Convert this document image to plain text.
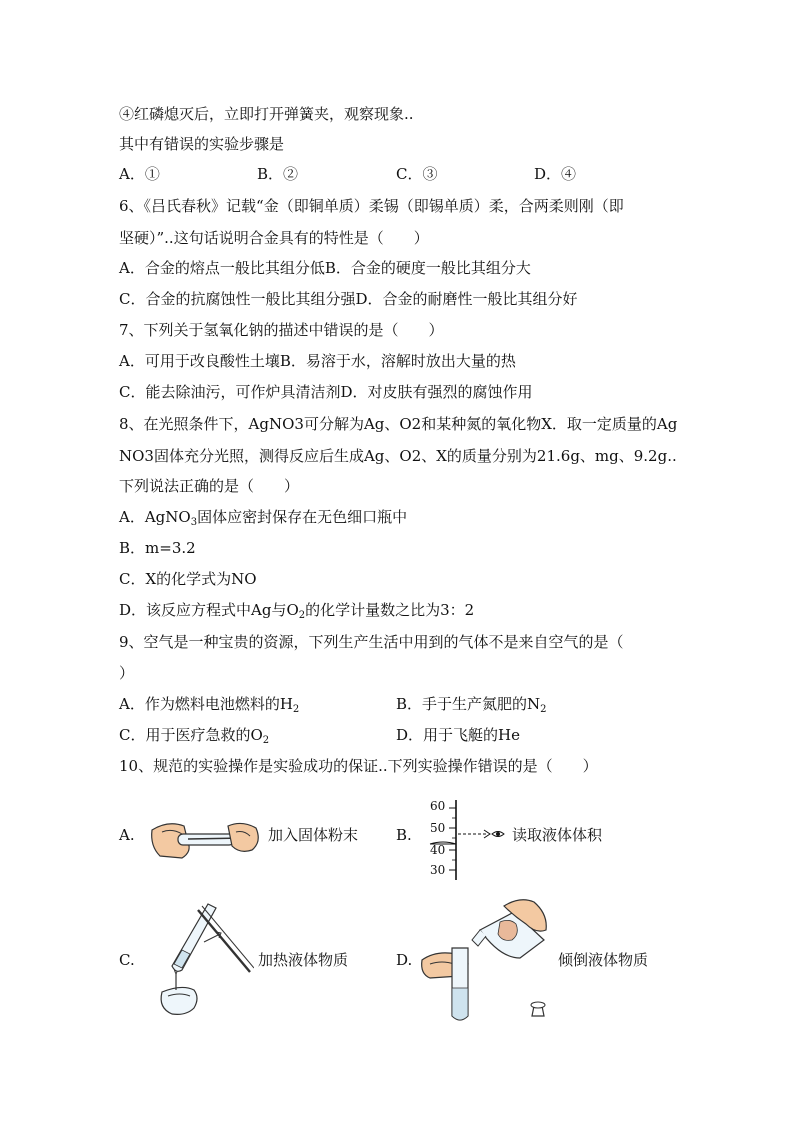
④红磷熄灭后，立即打开弹簧夹，观察现象..
其中有错误的实验步骤是
A．①	B．②	C．③	D．④
6、《吕氏春秋》记载“金（即铜单质）柔锡（即锡单质）柔，合两柔则刚（即
坚硬）”..这句话说明合金具有的特性是（　　）
A．合金的熔点一般比其组分低B．合金的硬度一般比其组分大
C．合金的抗腐蚀性一般比其组分强D．合金的耐磨性一般比其组分好
7、下列关于氢氧化钠的描述中错误的是（　　）
A．可用于改良酸性土壤B．易溶于水，溶解时放出大量的热
C．能去除油污，可作炉具清洁剂D．对皮肤有强烈的腐蚀作用
8、在光照条件下，AgNO3可分解为Ag、O2和某种氮的氧化物X．取一定质量的Ag
NO3固体充分光照，测得反应后生成Ag、O2、X的质量分别为21.6g、mg、9.2g..
下列说法正确的是（　　）
A．AgNO$_3$固体应密封保存在无色细口瓶中
B．m=3.2
C．X的化学式为NO
D．该反应方程式中Ag与$O_2$的化学计量数之比为3：2
9、空气是一种宝贵的资源，下列生产生活中用到的气体不是来自空气的是（
）
A．作为燃料电池燃料的$H_2$	B．手于生产氮肥的$N_2$
C．用于医疗急救的$O_2$	D．用于飞艇的He
10、规范的实验操作是实验成功的保证..下列实验操作错误的是（　　）
A.	加入固体粉末	B.
60
50
40
30
读取液体体积
C.	加热液体物质	D.	倾倒液体物质
